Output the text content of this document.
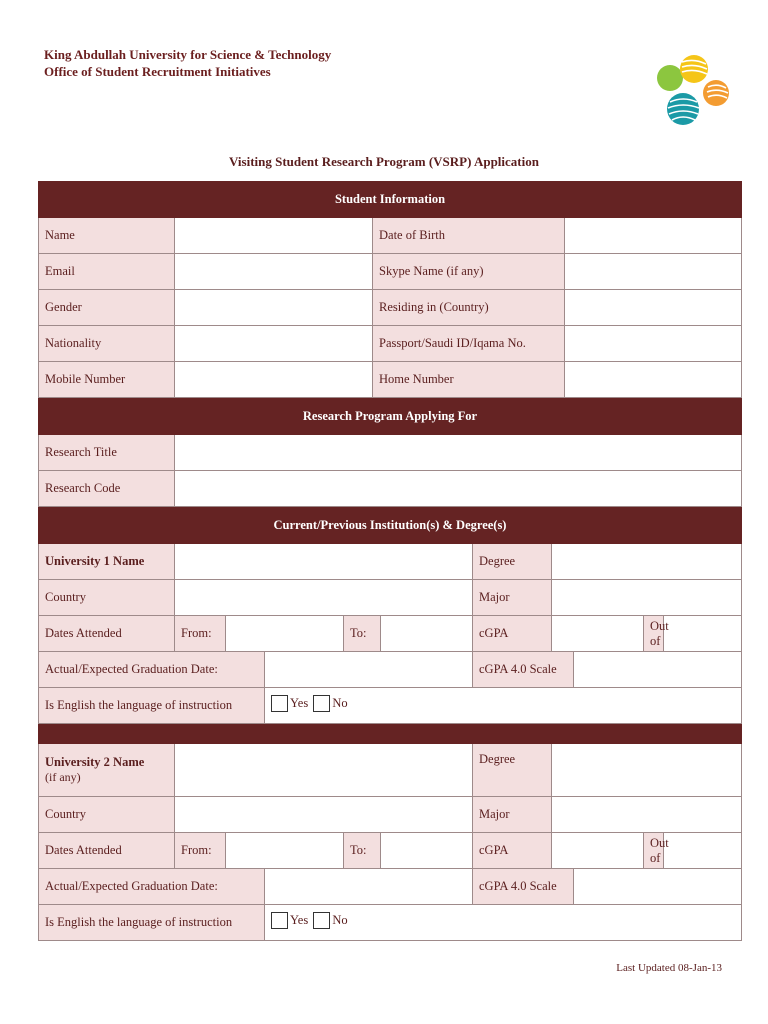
King Abdullah University for Science & Technology
Office of Student Recruitment Initiatives
Visiting Student Research Program (VSRP) Application
Student Information			
Name		Date of Birth	
Email		Skype Name (if any)	
Gender		Residing in (Country)	
Nationality		Passport/Saudi ID/Iqama No.	
Mobile Number		Home Number	
Research Program Applying For	
Research Title	
Research Code	
Current/Previous Institution(s) & Degree(s)										
University 1 Name						Degree				
Country						Major				
Dates Attended	From:			To:		cGPA			Out of	
Actual/Expected Graduation Date:						cGPA 4.0 Scale				
Is English the language of instruction			Yes
No							

University 2 Name
(if any)						Degree				
Country						Major				
Dates Attended	From:			To:		cGPA			Out of	
Actual/Expected Graduation Date:						cGPA 4.0 Scale				
Is English the language of instruction			Yes
No							
Last Updated 08-Jan-13
